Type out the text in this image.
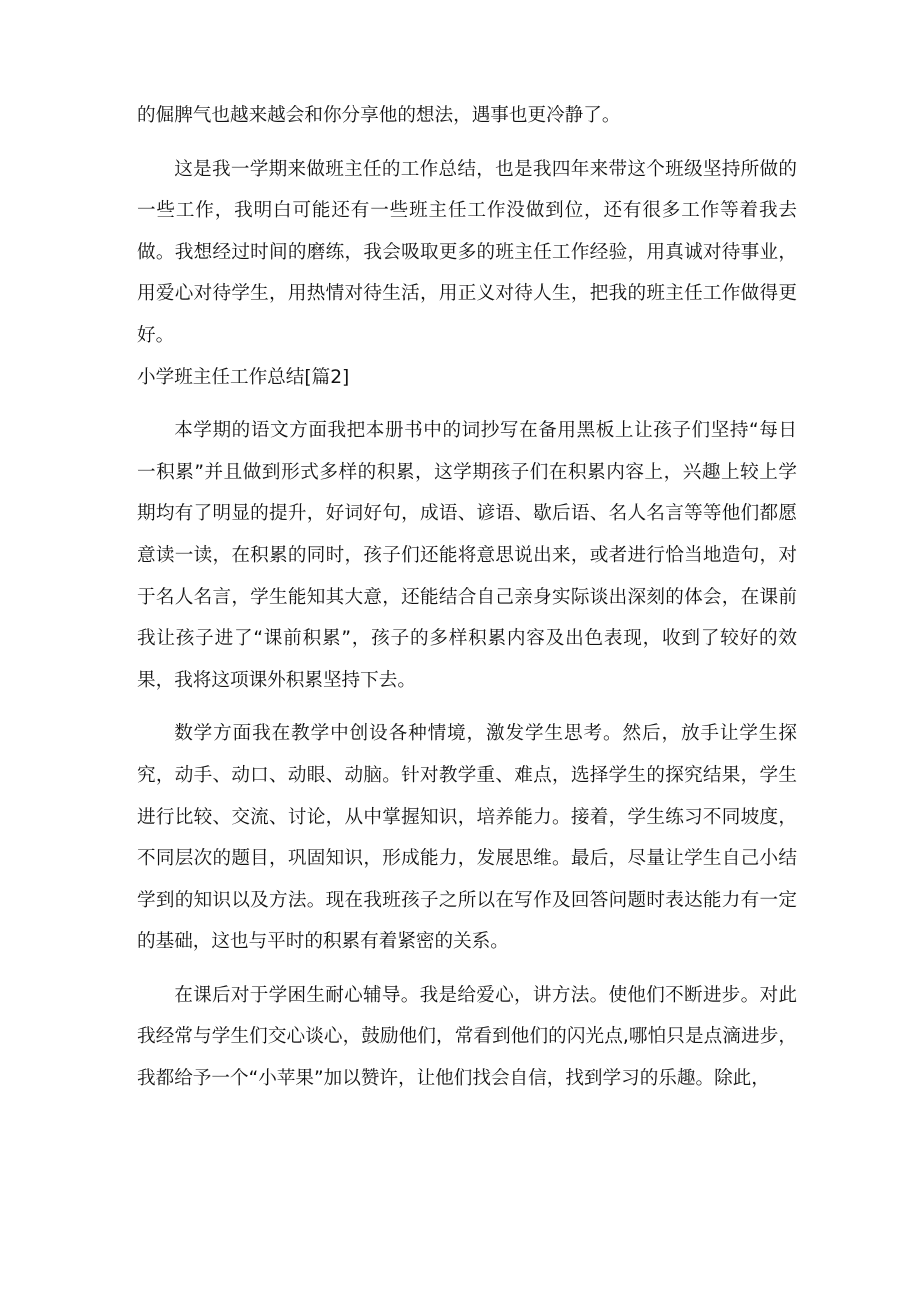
的倔脾气也越来越会和你分享他的想法，遇事也更冷静了。

这是我一学期来做班主任的工作总结，也是我四年来带这个班级坚持所做的一些工作，我明白可能还有一些班主任工作没做到位，还有很多工作等着我去做。我想经过时间的磨练，我会吸取更多的班主任工作经验，用真诚对待事业，用爱心对待学生，用热情对待生活，用正义对待人生，把我的班主任工作做得更好。

小学班主任工作总结[篇2]

本学期的语文方面我把本册书中的词抄写在备用黑板上让孩子们坚持“每日一积累”并且做到形式多样的积累，这学期孩子们在积累内容上，兴趣上较上学期均有了明显的提升，好词好句，成语、谚语、歇后语、名人名言等等他们都愿意读一读，在积累的同时，孩子们还能将意思说出来，或者进行恰当地造句，对于名人名言，学生能知其大意，还能结合自己亲身实际谈出深刻的体会，在课前我让孩子进了“课前积累”，孩子的多样积累内容及出色表现，收到了较好的效果，我将这项课外积累坚持下去。

数学方面我在教学中创设各种情境，激发学生思考。然后，放手让学生探究，动手、动口、动眼、动脑。针对教学重、难点，选择学生的探究结果，学生进行比较、交流、讨论，从中掌握知识，培养能力。接着，学生练习不同坡度，不同层次的题目，巩固知识，形成能力，发展思维。最后，尽量让学生自己小结学到的知识以及方法。现在我班孩子之所以在写作及回答问题时表达能力有一定的基础，这也与平时的积累有着紧密的关系。

在课后对于学困生耐心辅导。我是给爱心，讲方法。使他们不断进步。对此我经常与学生们交心谈心，鼓励他们，常看到他们的闪光点,哪怕只是点滴进步，我都给予一个“小苹果”加以赞许，让他们找会自信，找到学习的乐趣。除此，
